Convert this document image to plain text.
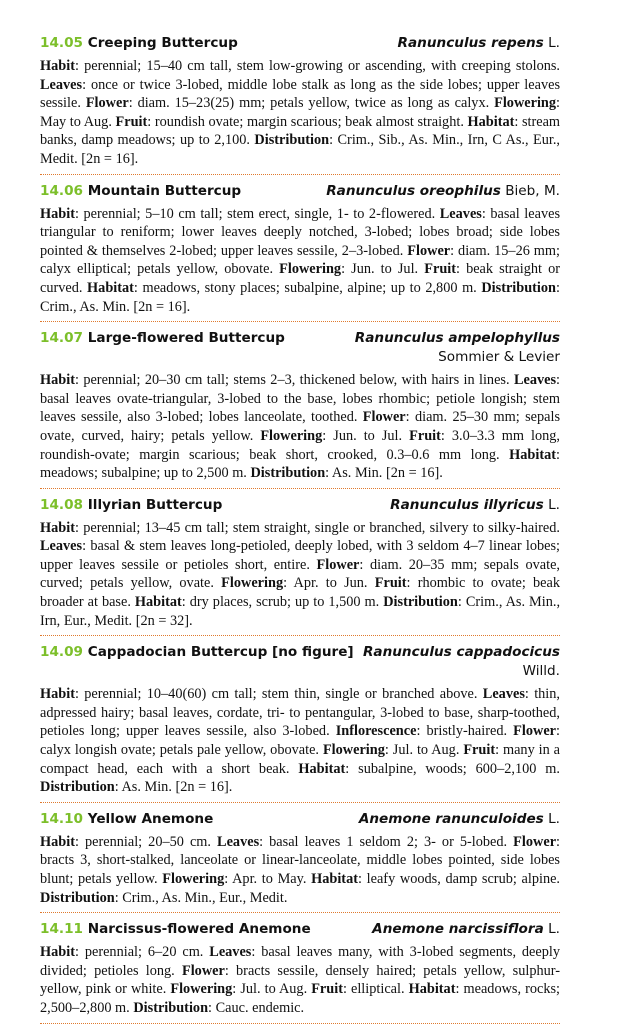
14.05 Creeping Buttercup	Ranunculus repens L.
Habit: perennial; 15–40 cm tall, stem low-growing or ascending, with creeping stolons. Leaves: once or twice 3-lobed, middle lobe stalk as long as the side lobes; upper leaves sessile. Flower: diam. 15–23(25) mm; petals yellow, twice as long as calyx. Flowering: May to Aug. Fruit: roundish ovate; margin scarious; beak almost straight. Habitat: stream banks, damp meadows; up to 2,100. Distribution: Crim., Sib., As. Min., Irn, C As., Eur., Medit. [2n = 16].
14.06 Mountain Buttercup	Ranunculus oreophilus Bieb, M.
Habit: perennial; 5–10 cm tall; stem erect, single, 1- to 2-flowered. Leaves: basal leaves triangular to reniform; lower leaves deeply notched, 3-lobed; lobes broad; side lobes pointed & themselves 2-lobed; upper leaves sessile, 2–3-lobed. Flower: diam. 15–26 mm; calyx elliptical; petals yellow, obovate. Flowering: Jun. to Jul. Fruit: beak straight or curved. Habitat: meadows, stony places; subalpine, alpine; up to 2,800 m. Distribution: Crim., As. Min. [2n = 16].
14.07 Large-flowered Buttercup	Ranunculus ampelophyllus
Sommier & Levier
Habit: perennial; 20–30 cm tall; stems 2–3, thickened below, with hairs in lines. Leaves: basal leaves ovate-triangular, 3-lobed to the base, lobes rhombic; petiole longish; stem leaves sessile, also 3-lobed; lobes lanceolate, toothed. Flower: diam. 25–30 mm; sepals ovate, curved, hairy; petals yellow. Flowering: Jun. to Jul. Fruit: 3.0–3.3 mm long, roundish-ovate; margin scarious; beak short, crooked, 0.3–0.6 mm long. Habitat: meadows; subalpine; up to 2,500 m. Distribution: As. Min. [2n = 16].
14.08 Illyrian Buttercup	Ranunculus illyricus L.
Habit: perennial; 13–45 cm tall; stem straight, single or branched, silvery to silky-haired. Leaves: basal & stem leaves long-petioled, deeply lobed, with 3 seldom 4–7 linear lobes; upper leaves sessile or petioles short, entire. Flower: diam. 20–35 mm; sepals ovate, curved; petals yellow, ovate. Flowering: Apr. to Jun. Fruit: rhombic to ovate; beak broader at base. Habitat: dry places, scrub; up to 1,500 m. Distribution: Crim., As. Min., Irn, Eur., Medit. [2n = 32].
14.09 Cappadocian Buttercup [no figure] Ranunculus cappadocicus Willd.
Habit: perennial; 10–40(60) cm tall; stem thin, single or branched above. Leaves: thin, adpressed hairy; basal leaves, cordate, tri- to pentangular, 3-lobed to base, sharp-toothed, petioles long; upper leaves sessile, also 3-lobed. Inflorescence: bristly-haired. Flower: calyx longish ovate; petals pale yellow, obovate. Flowering: Jul. to Aug. Fruit: many in a compact head, each with a short beak. Habitat: subalpine, woods; 600–2,100 m. Distribution: As. Min. [2n = 16].
14.10 Yellow Anemone	Anemone ranunculoides L.
Habit: perennial; 20–50 cm. Leaves: basal leaves 1 seldom 2; 3- or 5-lobed. Flower: bracts 3, short-stalked, lanceolate or linear-lanceolate, middle lobes pointed, side lobes blunt; petals yellow. Flowering: Apr. to May. Habitat: leafy woods, damp scrub; alpine. Distribution: Crim., As. Min., Eur., Medit.
14.11 Narcissus-flowered Anemone	Anemone narcissiflora L.
Habit: perennial; 6–20 cm. Leaves: basal leaves many, with 3-lobed segments, deeply divided; petioles long. Flower: bracts sessile, densely haired; petals yellow, sulphur-yellow, pink or white. Flowering: Jul. to Aug. Fruit: elliptical. Habitat: meadows, rocks; 2,500–2,800 m. Distribution: Cauc. endemic.
